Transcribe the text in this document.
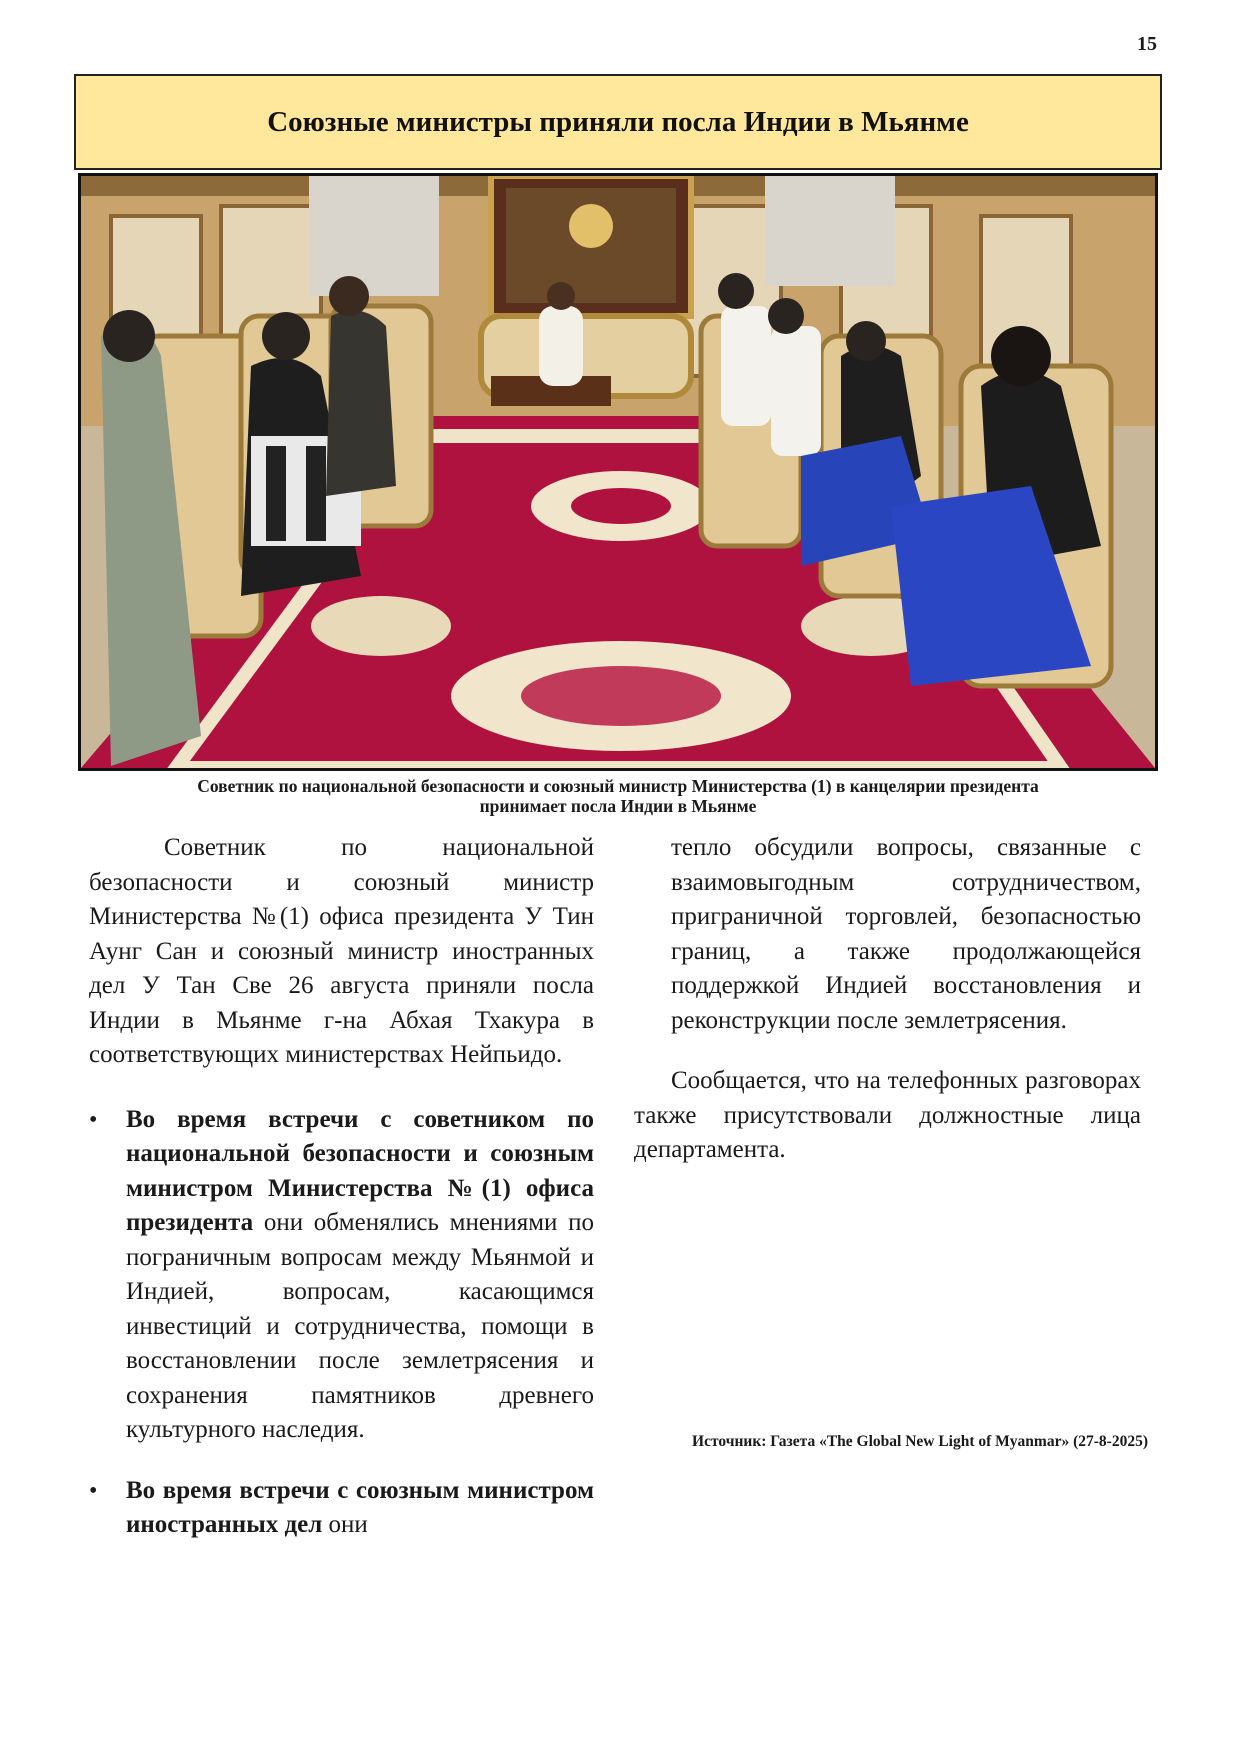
15
Союзные министры приняли посла Индии в Мьянме
Советник по национальной безопасности и союзный министр Министерства (1) в канцелярии президента
принимает посла Индии в Мьянме

Советник по национальной безопасности и союзный министр Министерства №(1) офиса президента У Тин Аунг Сан и союзный министр иностранных дел У Тан Све 26 августа приняли посла Индии в Мьянме г-на Абхая Тхакура в соответствующих министерствах Нейпьидо.

• Во время встречи с советником по национальной безопасности и союзным министром Министерства №(1) офиса президента они обменялись мнениями по пограничным вопросам между Мьянмой и Индией, вопросам, касающимся инвестиций и сотрудничества, помощи в восстановлении после землетрясения и сохранения памятников древнего культурного наследия.
• Во время встречи с союзным министром иностранных дел они

тепло обсудили вопросы, связанные с взаимовыгодным сотрудничеством, приграничной торговлей, безопасностью границ, а также продолжающейся поддержкой Индией восстановления и реконструкции после землетрясения.

Сообщается, что на телефонных разговорах также присутствовали должностные лица департамента.

Источник: Газета «The Global New Light of Myanmar» (27-8-2025)
